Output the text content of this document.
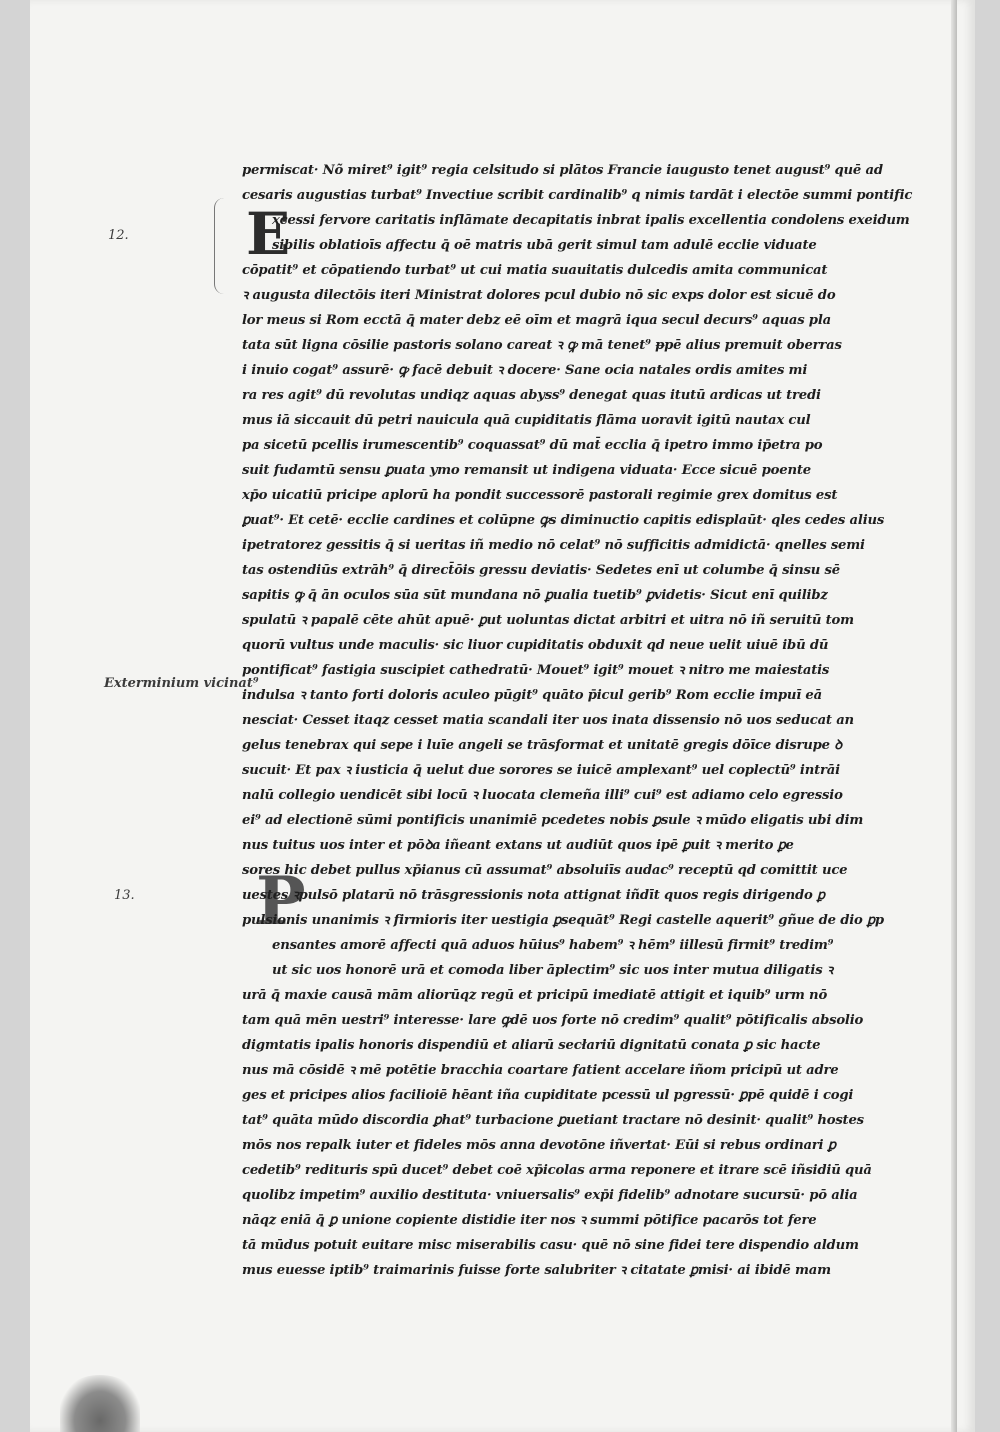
12.
Exterminium vicinat⁹
13.
E
P
permiscat· Nõ miret⁹ igit⁹ regia celsitudo si plātos Francie iaugusto tenet august⁹ quē ad
cesaris augustias turbat⁹ Invectiue scribit cardinalib⁹ q nimis tardāt i electōe summi pontific
xcessi fervore caritatis inflāmate decapitatis inbrat ipalis excellentia condolens exeidum
sibilis oblatioīs affectu q̄ oē matris ubā gerit simul tam adulē ecclie viduate
cōpatit⁹ et cōpatiendo turbat⁹ ut cui matia suauitatis dulcedis amita communicat
ꝛ augusta dilectōis iteri Ministrat dolores pcul dubio nō sic exps dolor est sicuē do
lor meus si Rom ecctā q̄ mater debz eē oīm et magrā iqua secul decurs⁹ aquas pla
tata sūt ligna cōsilie pastoris solano careat ꝛ ꝙ mā tenet⁹ ᵽpē alius premuit oberras
i inuio cogat⁹ assurē· ꝙ facē debuit ꝛ docere· Sane ocia natales ordis amites mi
ra res agit⁹ dū revolutas undiqz aquas abyss⁹ denegat quas itutū ardicas ut tredi
mus iā siccauit dū petri nauicula quā cupiditatis flāma uoravit igitū nautax cul
pa sicetū pcellis irumescentib⁹ coquassat⁹ dū mat̄ ecclia q̄ ipetro immo ip̄etra po
suit fudamtū sensu ꝑuata ymo remansit ut indigena viduata· Ecce sicuē poente
xp̄o uicatiū pricipe aplorū ha pondit successorē pastorali regimie grex domitus est
ꝑuat⁹· Et cetē· ecclie cardines et colūpne ꝙs diminuctio capitis edisplaūt· qles cedes alius
ipetratorez gessitis q̄ si ueritas iñ medio nō celat⁹ nō sufficitis admidictā· qnelles semi
tas ostendiūs extrāh⁹ q̄ direct̄ōis gressu deviatis· Sedetes enī ut columbe q̄ sinsu sē
sapitis ꝙ q̄ ān oculos sūa sūt mundana nō ꝑualia tuetib⁹ ꝑvidetis· Sicut enī quilibz
spulatū ꝛ papalē cēte ahūt apuē· ꝑut uoluntas dictat arbitri et uitra nō iñ seruitū tom
quorū vultus unde maculis· sic liuor cupiditatis obduxit qd neue uelit uiuē ibū dū
pontificat⁹ fastigia suscipiet cathedratū· Mouet⁹ igit⁹ mouet ꝛ nitro me maiestatis
indulsa ꝛ tanto forti doloris aculeo pūgit⁹ quāto p̄icul gerib⁹ Rom ecclie impuī eā
nesciat· Cesset itaqz cesset matia scandali iter uos inata dissensio nō uos seducat an
gelus tenebrax qui sepe i luīe angeli se trāsformat et unitatē gregis dōīce disrupe ꝺ
sucuit· Et pax ꝛ iusticia q̄ uelut due sorores se iuicē amplexant⁹ uel coplectū⁹ intrāi
nalū collegio uendicēt sibi locū ꝛ luocata clemeña illi⁹ cui⁹ est adiamo celo egressio
ei⁹ ad electionē sūmi pontificis unanimiē pcedetes nobis ꝑsule ꝛ mūdo eligatis ubi dim
nus tuitus uos inter et pōꝺa iñeant extans ut audiūt quos ipē ꝑuit ꝛ merito ꝑe
sores hic debet pullus xp̄ianus cū assumat⁹ absoluiīs audac⁹ receptū qd comittit uce
uestes ꝛpulsō platarū nō trāsgressionis nota attignat iñdīt quos regis dirigendo ꝑ
pulsionis unanimis ꝛ firmioris iter uestigia ꝑsequāt⁹ Regi castelle aquerit⁹ gñue de dio ꝑp
ensantes amorē affecti quā aduos hūius⁹ habem⁹ ꝛ hēm⁹ iillesū firmit⁹ tredim⁹
ut sic uos honorē urā et comoda liber āplectim⁹ sic uos inter mutua diligatis ꝛ
urā q̄ maxie causā mām aliorūqz regū et pricipū imediatē attigit et iquib⁹ urm nō
tam quā mēn uestri⁹ interesse· lare ꝙdē uos forte nō credim⁹ qualit⁹ pōtificalis absolio
digmtatis ipalis honoris dispendiū et aliarū secłariū dignitatū conata ꝑ sic hacte
nus mā cōsidē ꝛ mē potētie bracchia coartare fatient accelare iñom pricipū ut adre
ges et pricipes alios facilioiē hēant iña cupiditate pcessū ul pgressū· ꝑpē quidē i cogi
tat⁹ quāta mūdo discordia ꝑhat⁹ turbacione ꝑuetiant tractare nō desinit· qualit⁹ hostes
mōs nos repalk iuter et fideles mōs anna devotōne iñvertat· Eūi si rebus ordinari ꝑ
cedetib⁹ redituris spū ducet⁹ debet coē xp̄icolas arma reponere et itrare scē iñsidiū quā
quolibz impetim⁹ auxilio destituta· vniuersalis⁹ exp̄i fidelib⁹ adnotare sucursū· pō alia
nāqz eniā q̄ ꝑ unione copiente distidie iter nos ꝛ summi pōtifice pacarōs tot fere
tā mūdus potuit euitare misc miserabilis casu· quē nō sine fidei tere dispendio aldum
mus euesse iptib⁹ traimarinis fuisse forte salubriter ꝛ citatate ꝑmisi· ai ibidē mam
